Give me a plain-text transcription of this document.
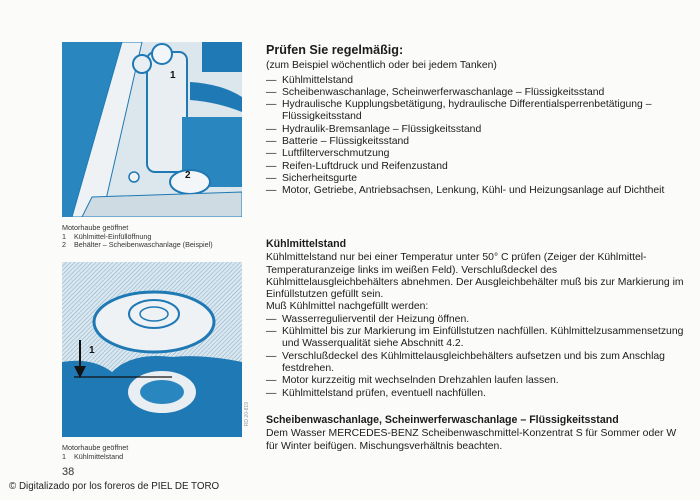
1
2
Motorhaube geöffnet
1	Kühlmittel-Einfüllöffnung
2	Behälter – Scheibenwaschanlage (Beispiel)
1
RD 20-819
Motorhaube geöffnet
1	Kühlmittelstand
38
© Digitalizado por los foreros de PIEL DE TORO
Prüfen Sie regelmäßig:
(zum Beispiel wöchentlich oder bei jedem Tanken)
— Kühlmittelstand
— Scheibenwaschanlage, Scheinwerferwaschanlage – Flüssigkeitsstand
— Hydraulische Kupplungsbetätigung, hydraulische Differentialsperrenbetätigung – Flüssigkeitsstand
— Hydraulik-Bremsanlage – Flüssigkeitsstand
— Batterie – Flüssigkeitsstand
— Luftfilterverschmutzung
— Reifen-Luftdruck und Reifenzustand
— Sicherheitsgurte
— Motor, Getriebe, Antriebsachsen, Lenkung, Kühl- und Heizungsanlage auf Dichtheit
Kühlmittelstand

Kühlmittelstand nur bei einer Temperatur unter 50° C prüfen (Zeiger der Kühlmittel-Temperaturanzeige links im weißen Feld). Verschlußdeckel des Kühlmittelausgleichbehälters abnehmen. Der Ausgleichbehälter muß bis zur Markierung im Einfüllstutzen gefüllt sein.

Muß Kühlmittel nachgefüllt werden:
— Wasserregulierventil der Heizung öffnen.
— Kühlmittel bis zur Markierung im Einfüllstutzen nachfüllen. Kühlmittelzusammensetzung und Wasserqualität siehe Abschnitt 4.2.
— Verschlußdeckel des Kühlmittelausgleichbehälters aufsetzen und bis zum Anschlag festdrehen.
— Motor kurzzeitig mit wechselnden Drehzahlen laufen lassen.
— Kühlmittelstand prüfen, eventuell nachfüllen.
Scheibenwaschanlage, Scheinwerferwaschanlage – Flüssigkeitsstand

Dem Wasser MERCEDES-BENZ Scheibenwaschmittel-Konzentrat S für Sommer oder W für Winter beifügen. Mischungsverhältnis beachten.
